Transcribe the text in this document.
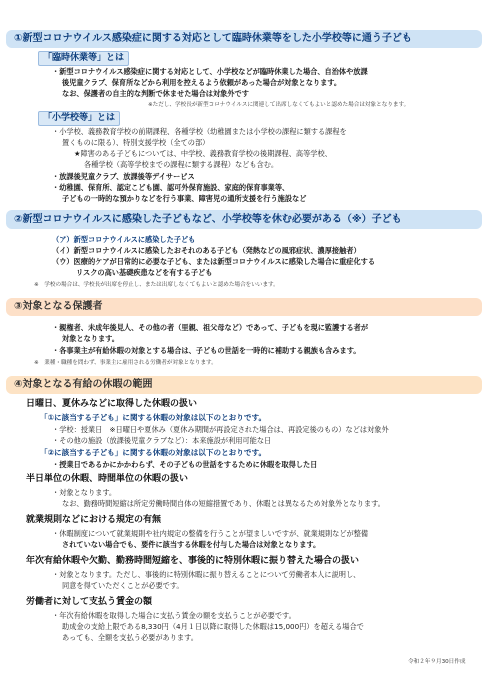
①新型コロナウイルス感染症に関する対応として臨時休業等をした小学校等に通う子ども
「臨時休業等」とは
・新型コロナウイルス感染症に関する対応として、小学校などが臨時休業した場合、自治体や放課
後児童クラブ、保育所などから利用を控えるよう依頼があった場合が対象となります。
なお、保護者の自主的な判断で休ませた場合は対象外です
※ただし、学校長が新型コロナウイルスに関連して出席しなくてもよいと認めた場合は対象となります。
「小学校等」とは
・小学校、義務教育学校の前期課程、各種学校（幼稚園または小学校の課程に類する課程を
置くものに限る）、特別支援学校（全ての部）
★障害のある子どもについては、中学校、義務教育学校の後期課程、高等学校、
各種学校（高等学校までの課程に類する課程）なども含む。
・放課後児童クラブ、放課後等デイサービス
・幼稚園、保育所、認定こども園、認可外保育施設、家庭的保育事業等、
子どもの一時的な預かりなどを行う事業、障害児の通所支援を行う施設など
②新型コロナウイルスに感染した子どもなど、小学校等を休む必要がある（※）子ども
（ア）新型コロナウイルスに感染した子ども
（イ）新型コロナウイルスに感染したおそれのある子ども（発熱などの風邪症状、濃厚接触者）
（ウ）医療的ケアが日常的に必要な子ども、または新型コロナウイルスに感染した場合に重症化する
リスクの高い基礎疾患などを有する子ども
※　学校の場合は、学校長が出席を停止し、または出席しなくてもよいと認めた場合をいいます。
③対象となる保護者
・親権者、未成年後見人、その他の者（里親、祖父母など）であって、子どもを現に監護する者が
対象となります。
・各事業主が有給休暇の対象とする場合は、子どもの世話を一時的に補助する親族も含みます。
※　業種・職種を問わず、事業主に雇用される労働者が対象となります。
④対象となる有給の休暇の範囲
日曜日、夏休みなどに取得した休暇の扱い
「①に該当する子ども」に関する休暇の対象は以下のとおりです。
・学校：授業日　※日曜日や夏休み（夏休み期間が再設定された場合は、再設定後のもの）などは対象外
・その他の施設（放課後児童クラブなど）：本来施設が利用可能な日
「②に該当する子ども」に関する休暇の対象は以下のとおりです。
・授業日であるかにかかわらず、その子どもの世話をするために休暇を取得した日
半日単位の休暇、時間単位の休暇の扱い
・対象となります。
なお、勤務時間短縮は所定労働時間自体の短縮措置であり、休暇とは異なるため対象外となります。
就業規則などにおける規定の有無
・休暇制度について就業規則や社内規定の整備を行うことが望ましいですが、就業規則などが整備
されていない場合でも、要件に該当する休暇を付与した場合は対象となります。
年次有給休暇や欠勤、勤務時間短縮を、事後的に特別休暇に振り替えた場合の扱い
・対象となります。ただし、事後的に特別休暇に振り替えることについて労働者本人に説明し、
同意を得ていただくことが必要です。
労働者に対して支払う賃金の額
・年次有給休暇を取得した場合に支払う賃金の額を支払うことが必要です。
助成金の支給上限である8,330円（4月１日以降に取得した休暇は15,000円）を超える場合で
あっても、全額を支払う必要があります。
令和２年９月30日作成
